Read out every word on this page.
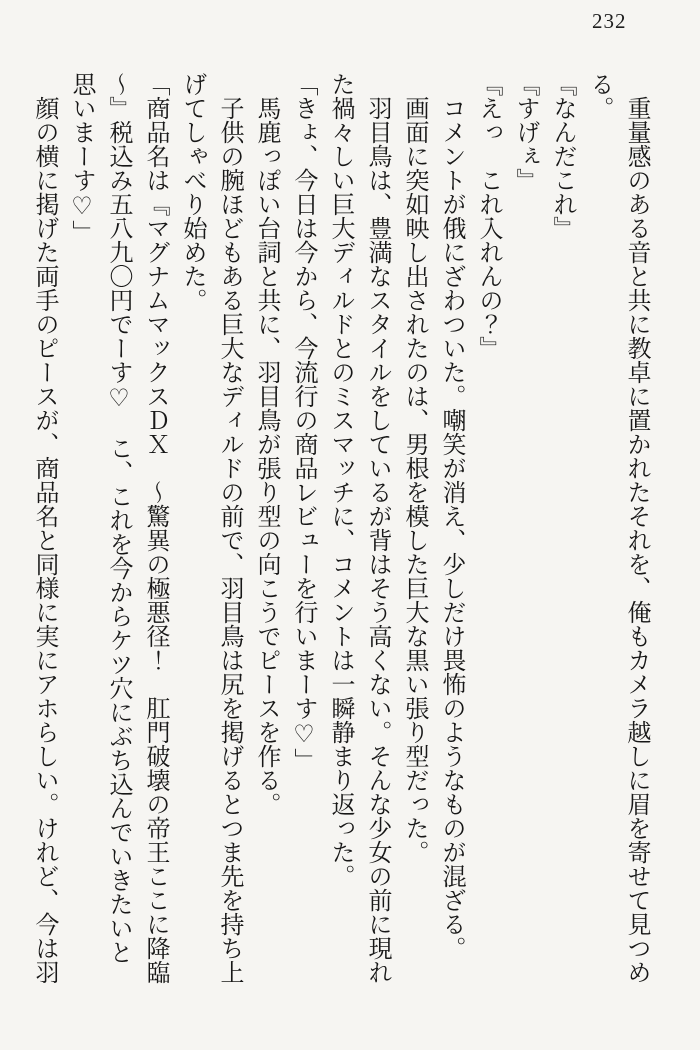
232

　重量感のある音と共に教卓に置かれたそれを、俺もカメラ越しに眉を寄せて見つめる。

『なんだこれ』

『すげぇ』

『えっ　これ入れんの？』

　コメントが俄にざわついた。嘲笑が消え、少しだけ畏怖のようなものが混ざる。

　画面に突如映し出されたのは、男根を模した巨大な黒い張り型だった。

　羽目鳥は、豊満なスタイルをしているが背はそう高くない。そんな少女の前に現れた禍々しい巨大ディルドとのミスマッチに、コメントは一瞬静まり返った。

「きょ、今日は今から、今流行の商品レビューを行いまーす♡」

　馬鹿っぽい台詞と共に、羽目鳥が張り型の向こうでピースを作る。

　子供の腕ほどもある巨大なディルドの前で、羽目鳥は尻を掲げるとつま先を持ち上げてしゃべり始めた。

「商品名は『マグナムマックスＤＸ　～驚異の極悪径！　肛門破壊の帝王ここに降臨～』税込み五八九〇円でーす♡　こ、これを今からケツ穴にぶち込んでいきたいと思いまーす♡」

　顔の横に掲げた両手のピースが、商品名と同様に実にアホらしい。けれど、今は羽
